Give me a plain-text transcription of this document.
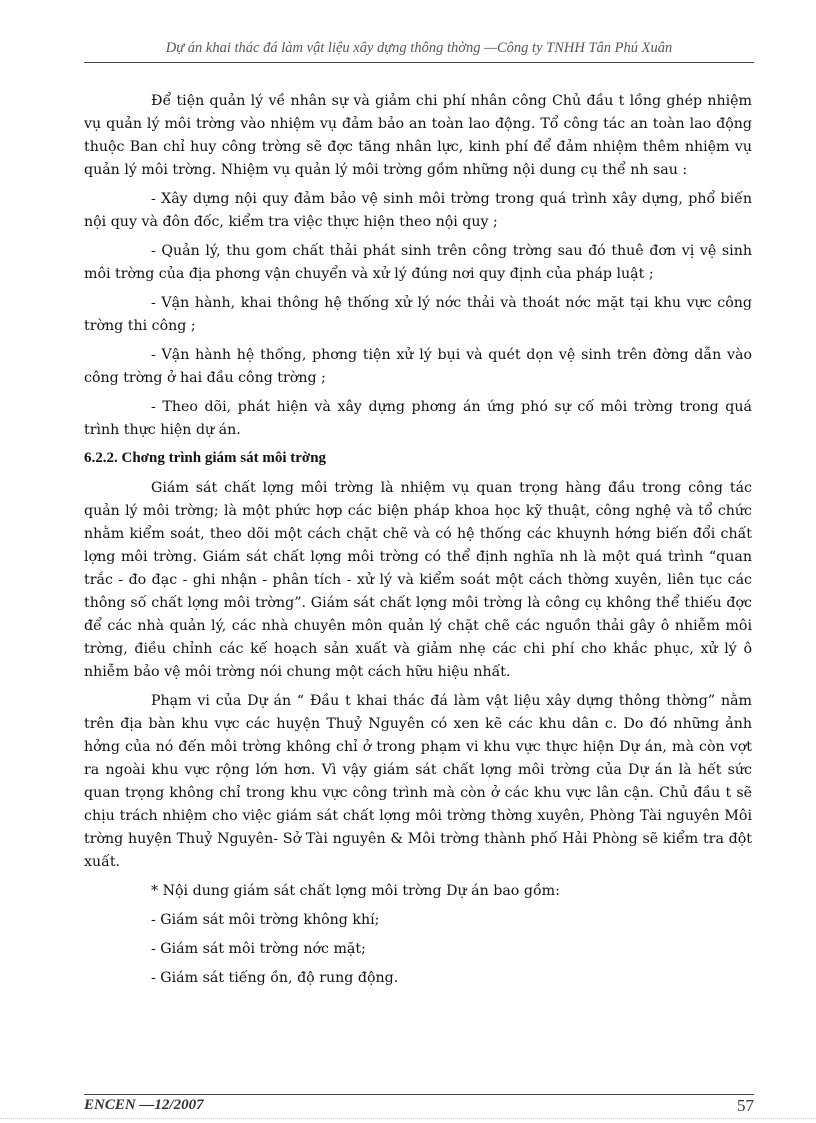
Dự án khai thác đá làm vật liệu xây dựng thông thờng —Công ty TNHH Tân Phú Xuân

Để tiện quản lý về nhân sự và giảm chi phí nhân công Chủ đầu t lồng ghép nhiệm vụ quản lý môi trờng vào nhiệm vụ đảm bảo an toàn lao động. Tổ công tác an toàn lao động thuộc Ban chỉ huy công trờng sẽ đợc tăng nhân lực, kinh phí để đảm nhiệm thêm nhiệm vụ quản lý môi trờng. Nhiệm vụ quản lý môi trờng gồm những nội dung cụ thể nh sau :

- Xây dựng nội quy đảm bảo vệ sinh môi trờng trong quá trình xây dựng, phổ biến nội quy và đôn đốc, kiểm tra việc thực hiện theo nội quy ;

- Quản lý, thu gom chất thải phát sinh trên công trờng sau đó thuê đơn vị vệ sinh môi trờng của địa phơng vận chuyển và xử lý đúng nơi quy định của pháp luật ;

- Vận hành, khai thông hệ thống xử lý nớc thải và thoát nớc mặt tại khu vực công trờng thi công ;

- Vận hành hệ thống, phơng tiện xử lý bụi và quét dọn vệ sinh trên đờng dẫn vào công trờng ở hai đầu công trờng ;

- Theo dõi, phát hiện và xây dựng phơng án ứng phó sự cố môi trờng trong quá trình thực hiện dự án.

6.2.2. Chơng trình giám sát môi trờng

Giám sát chất lợng môi trờng là nhiệm vụ quan trọng hàng đầu trong công tác quản lý môi trờng; là một phức hợp các biện pháp khoa học kỹ thuật, công nghệ và tổ chức nhằm kiểm soát, theo dõi một cách chặt chẽ và có hệ thống các khuynh hớng biến đổi chất lợng môi trờng. Giám sát chất lợng môi trờng có thể định nghĩa nh là một quá trình “quan trắc - đo đạc - ghi nhận - phân tích - xử lý và kiểm soát một cách thờng xuyên, liên tục các thông số chất lợng môi trờng”. Giám sát chất lợng môi trờng là công cụ không thể thiếu đợc để các nhà quản lý, các nhà chuyên môn quản lý chặt chẽ các nguồn thải gây ô nhiễm môi trờng, điều chỉnh các kế hoạch sản xuất và giảm nhẹ các chi phí cho khắc phục, xử lý ô nhiễm bảo vệ môi trờng nói chung một cách hữu hiệu nhất.

Phạm vi của Dự án “ Đầu t khai thác đá làm vật liệu xây dựng thông thờng” nằm trên địa bàn khu vực các huyện Thuỷ Nguyên có xen kẽ các khu dân c. Do đó những ảnh hởng của nó đến môi trờng không chỉ ở trong phạm vi khu vực thực hiện Dự án, mà còn vợt ra ngoài khu vực rộng lớn hơn. Vì vậy giám sát chất lợng môi trờng của Dự án là hết sức quan trọng không chỉ trong khu vực công trình mà còn ở các khu vực lân cận. Chủ đầu t sẽ chịu trách nhiệm cho việc giám sát chất lợng môi trờng thờng xuyên, Phòng Tài nguyên Môi trờng huyện Thuỷ Nguyên- Sở Tài nguyên & Môi trờng thành phố Hải Phòng sẽ kiểm tra đột xuất.

* Nội dung giám sát chất lợng môi trờng Dự án bao gồm:

- Giám sát môi trờng không khí;

- Giám sát môi trờng nớc mặt;

- Giám sát tiếng ồn, độ rung động.

ENCEN —12/2007	57
